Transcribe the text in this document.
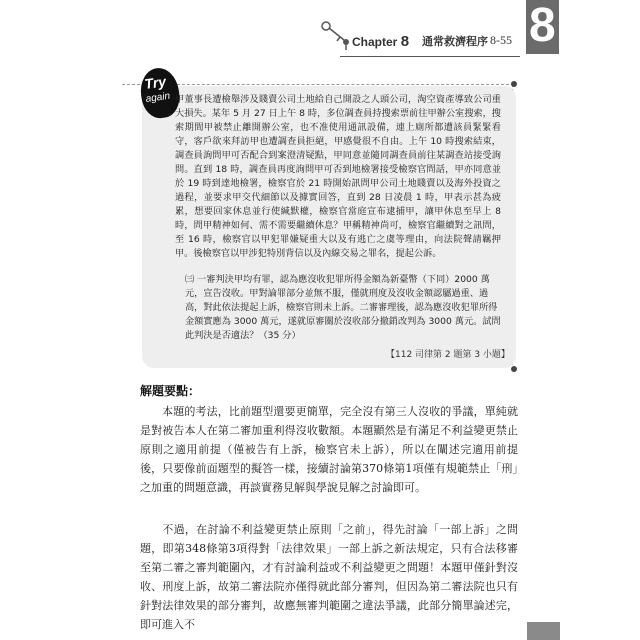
Chapter 8 通常救濟程序 8-55 8
Try
again 甲董事長遭檢舉涉及賤賣公司土地給自己開設之人頭公司，淘空資產導致公司重大損失。某年 5 月 27 日上午 8 時，多位調查員持搜索票前往甲辦公室搜索，搜索期間甲被禁止離開辦公室，也不准使用通訊設備，連上廁所都遭該員緊緊看守，客戶欲來拜訪甲也遭調查員拒絕，甲感覺很不自由。上午 10 時搜索結束，調查員詢問甲可否配合到案澄清疑點，甲同意並隨同調查員前往某調查站接受詢問。直到 18 時，調查員再度詢問甲可否到地檢署接受檢察官問話，甲亦同意並於 19 時到達地檢署，檢察官於 21 時開始訊問甲公司土地賤賣以及海外投資之過程，並要求甲交代細節以及據實回答，直到 28 日凌晨 1 時，甲表示甚為疲累，想要回家休息並行使緘默權，檢察官當庭宣布逮捕甲，讓甲休息至早上 8 時，問甲精神如何、需不需要繼續休息？甲稱精神尚可，檢察官繼續對之訊問，至 16 時，檢察官以甲犯罪嫌疑重大以及有逃亡之虞等理由，向法院聲請羈押甲。後檢察官以甲涉犯特別背信以及內線交易之罪名，提起公訴。
㈢ 一審判決甲均有罪，認為應沒收犯罪所得金額為新臺幣（下同）2000 萬元，宣告沒收。甲對論罪部分並無不服，僅就刑度及沒收金額認屬過重、過高，對此依法提起上訴，檢察官則未上訴。二審審理後，認為應沒收犯罪所得金額實應為 3000 萬元，遂就原審關於沒收部分撤銷改判為 3000 萬元。試問此判決是否適法？（35 分）
【112 司律第 2 題第 3 小題】
解題要點：
本題的考法，比前題型還要更簡單，完全沒有第三人沒收的爭議，單純就是對被告本人在第二審加重利得沒收數額。本題顯然是有滿足不利益變更禁止原則之適用前提（僅被告有上訴，檢察官未上訴），所以在闡述完適用前提後，只要像前面題型的擬答一樣，接續討論第370條第1項僅有規範禁止「刑」之加重的問題意識，再談實務見解與學說見解之討論即可。
不過，在討論不利益變更禁止原則「之前」，得先討論「一部上訴」之問題，即第348條第3項得對「法律效果」一部上訴之新法規定，只有合法移審至第二審之審判範圍內，才有討論利益或不利益變更之問題！本題甲僅針對沒收、刑度上訴，故第二審法院亦僅得就此部分審判，但因為第二審法院也只有針對法律效果的部分審判，故應無審判範圍之違法爭議，此部分簡單論述完，即可進入不
